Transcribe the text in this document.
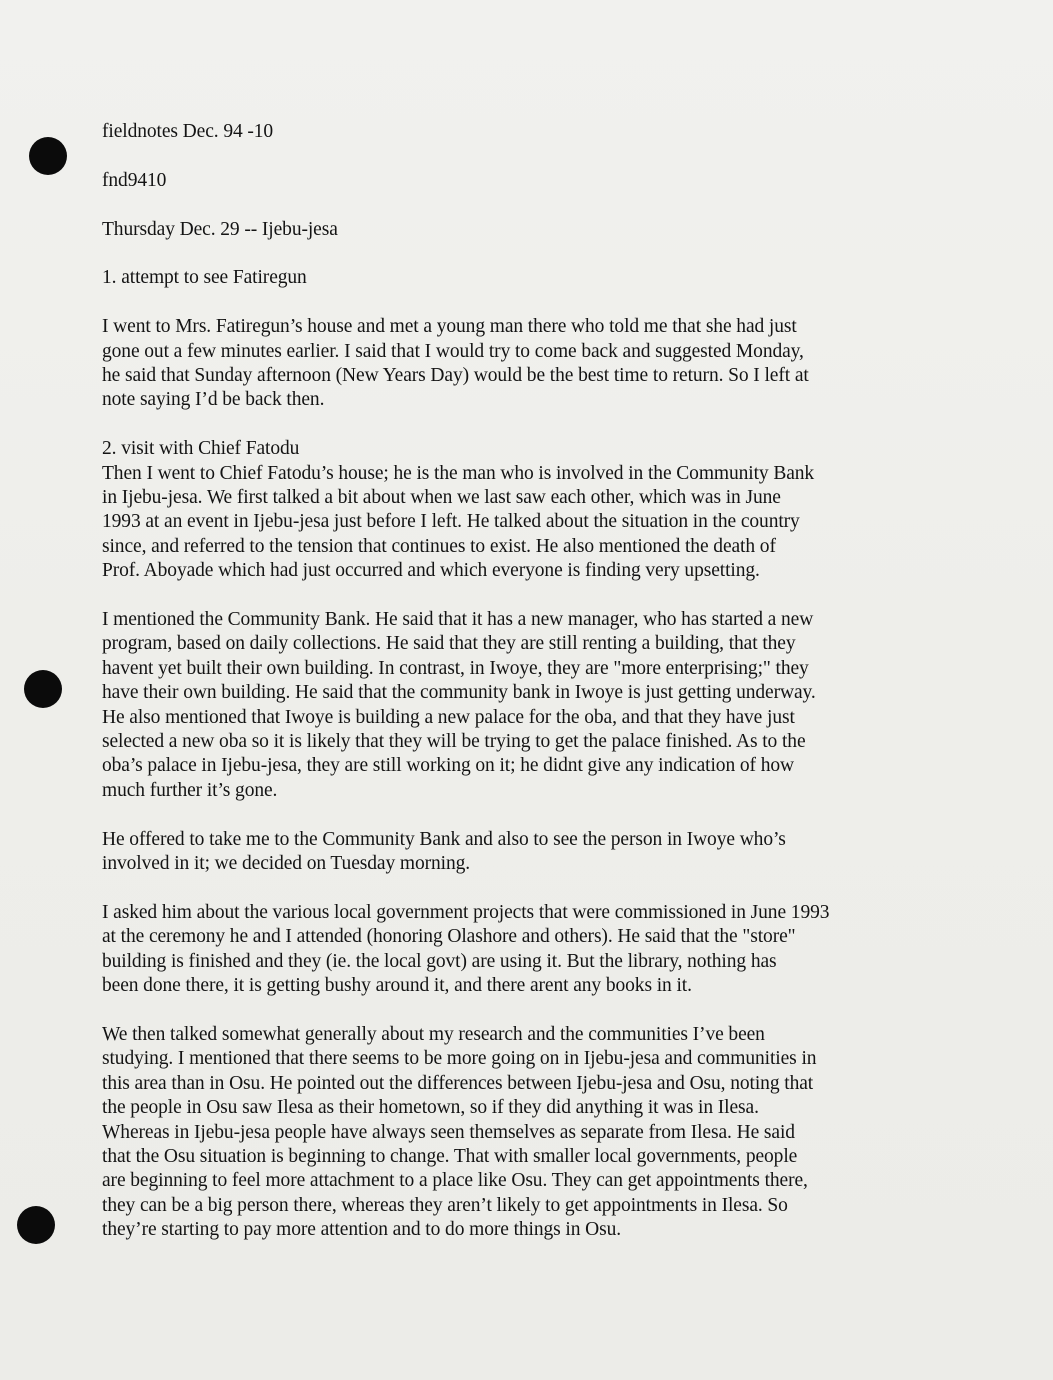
fieldnotes Dec. 94 -10
fnd9410
Thursday Dec. 29 -- Ijebu-jesa
1. attempt to see Fatiregun
I went to Mrs. Fatiregun’s house and met a young man there who told me that she had just
gone out a few minutes earlier. I said that I would try to come back and suggested Monday,
he said that Sunday afternoon (New Years Day) would be the best time to return. So I left at
note saying I’d be back then.
2. visit with Chief Fatodu
Then I went to Chief Fatodu’s house; he is the man who is involved in the Community Bank
in Ijebu-jesa. We first talked a bit about when we last saw each other, which was in June
1993 at an event in Ijebu-jesa just before I left. He talked about the situation in the country
since, and referred to the tension that continues to exist. He also mentioned the death of
Prof. Aboyade which had just occurred and which everyone is finding very upsetting.
I mentioned the Community Bank. He said that it has a new manager, who has started a new
program, based on daily collections. He said that they are still renting a building, that they
havent yet built their own building. In contrast, in Iwoye, they are "more enterprising;" they
have their own building. He said that the community bank in Iwoye is just getting underway.
He also mentioned that Iwoye is building a new palace for the oba, and that they have just
selected a new oba so it is likely that they will be trying to get the palace finished. As to the
oba’s palace in Ijebu-jesa, they are still working on it; he didnt give any indication of how
much further it’s gone.
He offered to take me to the Community Bank and also to see the person in Iwoye who’s
involved in it; we decided on Tuesday morning.
I asked him about the various local government projects that were commissioned in June 1993
at the ceremony he and I attended (honoring Olashore and others). He said that the "store"
building is finished and they (ie. the local govt) are using it. But the library, nothing has
been done there, it is getting bushy around it, and there arent any books in it.
We then talked somewhat generally about my research and the communities I’ve been
studying. I mentioned that there seems to be more going on in Ijebu-jesa and communities in
this area than in Osu. He pointed out the differences between Ijebu-jesa and Osu, noting that
the people in Osu saw Ilesa as their hometown, so if they did anything it was in Ilesa.
Whereas in Ijebu-jesa people have always seen themselves as separate from Ilesa. He said
that the Osu situation is beginning to change. That with smaller local governments, people
are beginning to feel more attachment to a place like Osu. They can get appointments there,
they can be a big person there, whereas they aren’t likely to get appointments in Ilesa. So
they’re starting to pay more attention and to do more things in Osu.
